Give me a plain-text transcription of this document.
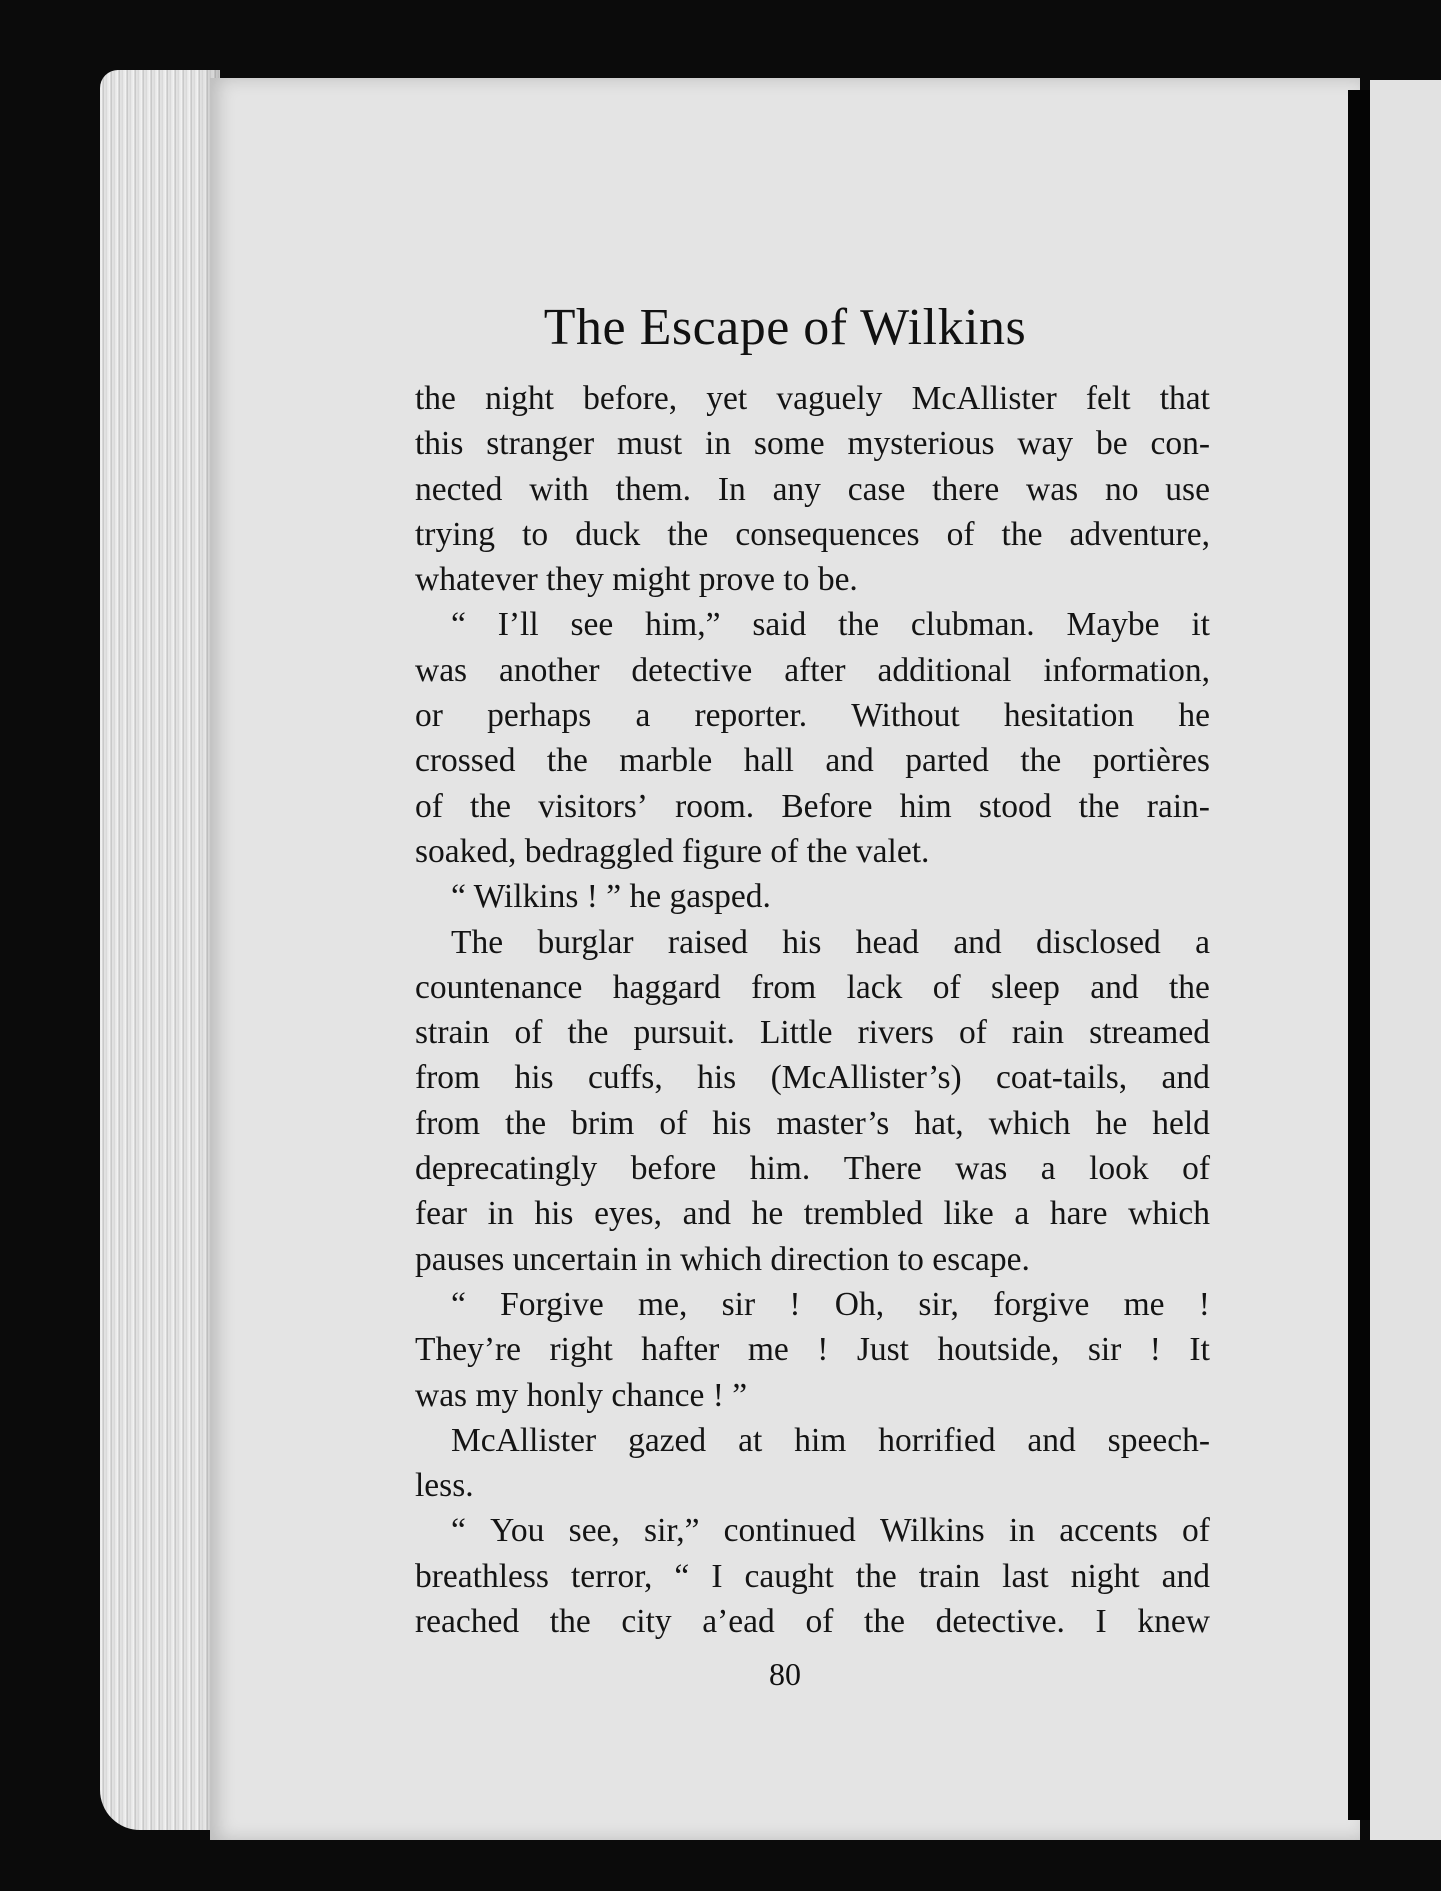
The Escape of Wilkins
the night before, yet vaguely McAllister felt that
this stranger must in some mysterious way be con-
nected with them. In any case there was no use
trying to duck the consequences of the adventure,
whatever they might prove to be.
“ I’ll see him,” said the clubman. Maybe it
was another detective after additional information,
or perhaps a reporter. Without hesitation he
crossed the marble hall and parted the portières
of the visitors’ room. Before him stood the rain-
soaked, bedraggled figure of the valet.
“ Wilkins ! ” he gasped.
The burglar raised his head and disclosed a
countenance haggard from lack of sleep and the
strain of the pursuit. Little rivers of rain streamed
from his cuffs, his (McAllister’s) coat-tails, and
from the brim of his master’s hat, which he held
deprecatingly before him. There was a look of
fear in his eyes, and he trembled like a hare which
pauses uncertain in which direction to escape.
“ Forgive me, sir ! Oh, sir, forgive me !
They’re right hafter me ! Just houtside, sir ! It
was my honly chance ! ”
McAllister gazed at him horrified and speech-
less.
“ You see, sir,” continued Wilkins in accents of
breathless terror, “ I caught the train last night and
reached the city a’ead of the detective. I knew
80
